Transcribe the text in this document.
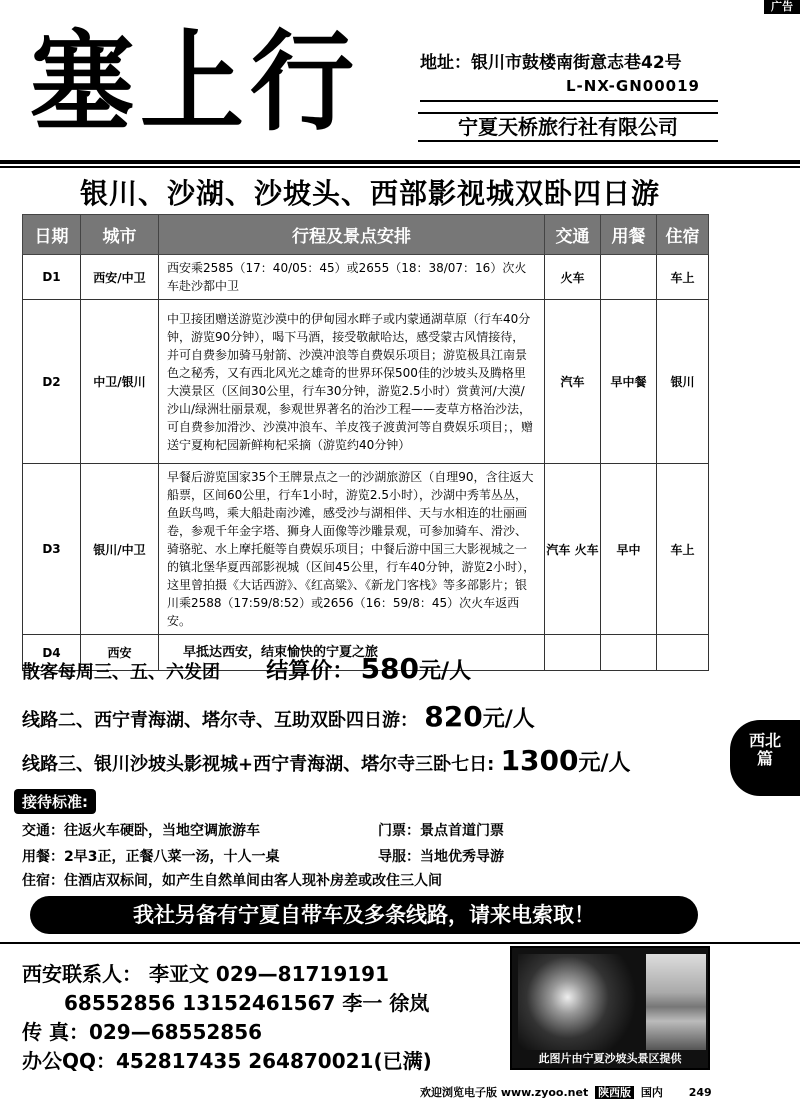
广告
塞上行	地址：银川市鼓楼南街意志巷42号
L-NX-GN00019
宁夏天桥旅行社有限公司
银川、沙湖、沙坡头、西部影视城双卧四日游
日期	城市	行程及景点安排	交通	用餐	住宿
D1	西安/中卫	西安乘2585（17：40/05：45）或2655（18：38/07：16）次火车赴沙都中卫	火车		车上
D2	中卫/银川	中卫接团赠送游览沙漠中的伊甸园水畔子或内蒙通湖草原（行车40分钟，游览90分钟），喝下马酒，接受敬献哈达，感受蒙古风情接待，并可自费参加骑马射箭、沙漠冲浪等自费娱乐项目；游览极具江南景色之秘秀，又有西北风光之雄奇的世界环保500佳的沙坡头及腾格里大漠景区（区间30公里，行车30分钟，游览2.5小时）赏黄河/大漠/沙山/绿洲壮丽景观，参观世界著名的治沙工程——麦草方格治沙法，可自费参加滑沙、沙漠冲浪车、羊皮筏子渡黄河等自费娱乐项目；，赠送宁夏枸杞园新鲜枸杞采摘（游览约40分钟）	汽车	早中餐	银川
D3	银川/中卫	早餐后游览国家35个王牌景点之一的沙湖旅游区（自理90，含往返大船票，区间60公里，行车1小时，游览2.5小时），沙湖中秀苇丛丛，鱼跃鸟鸣，乘大船赴南沙滩，感受沙与湖相伴、天与水相连的壮丽画卷，参观千年金字塔、狮身人面像等沙雕景观，可参加骑车、滑沙、骑骆驼、水上摩托艇等自费娱乐项目；中餐后游中国三大影视城之一的镇北堡华夏西部影视城（区间45公里，行车40分钟，游览2小时），这里曾拍摄《大话西游》、《红高粱》、《新龙门客栈》等多部影片；银川乘2588（17:59/8:52）或2656（16：59/8：45）次火车返西安。	汽车 火车	早中	车上
D4	西安	早抵达西安，结束愉快的宁夏之旅			
散客每周三、五、六发团 结算价： 580元/人
线路二、西宁青海湖、塔尔寺、互助双卧四日游： 820元/人
线路三、银川沙坡头影视城+西宁青海湖、塔尔寺三卧七日: 1300元/人
西北篇
接待标准:
交通：往返火车硬卧，当地空调旅游车	门票：景点首道门票
用餐：2早3正，正餐八菜一汤，十人一桌	导服：当地优秀导游
住宿：住酒店双标间，如产生自然单间由客人现补房差或改住三人间
我社另备有宁夏自带车及多条线路，请来电索取！
西安联系人： 李亚文 029—81719191
68552856 13152461567 李一 徐岚
传 真：029—68552856
办公QQ：452817435 264870021(已满)	此图片由宁夏沙坡头景区提供
欢迎浏览电子版 www.zyoo.net 陕西版 国内 249
